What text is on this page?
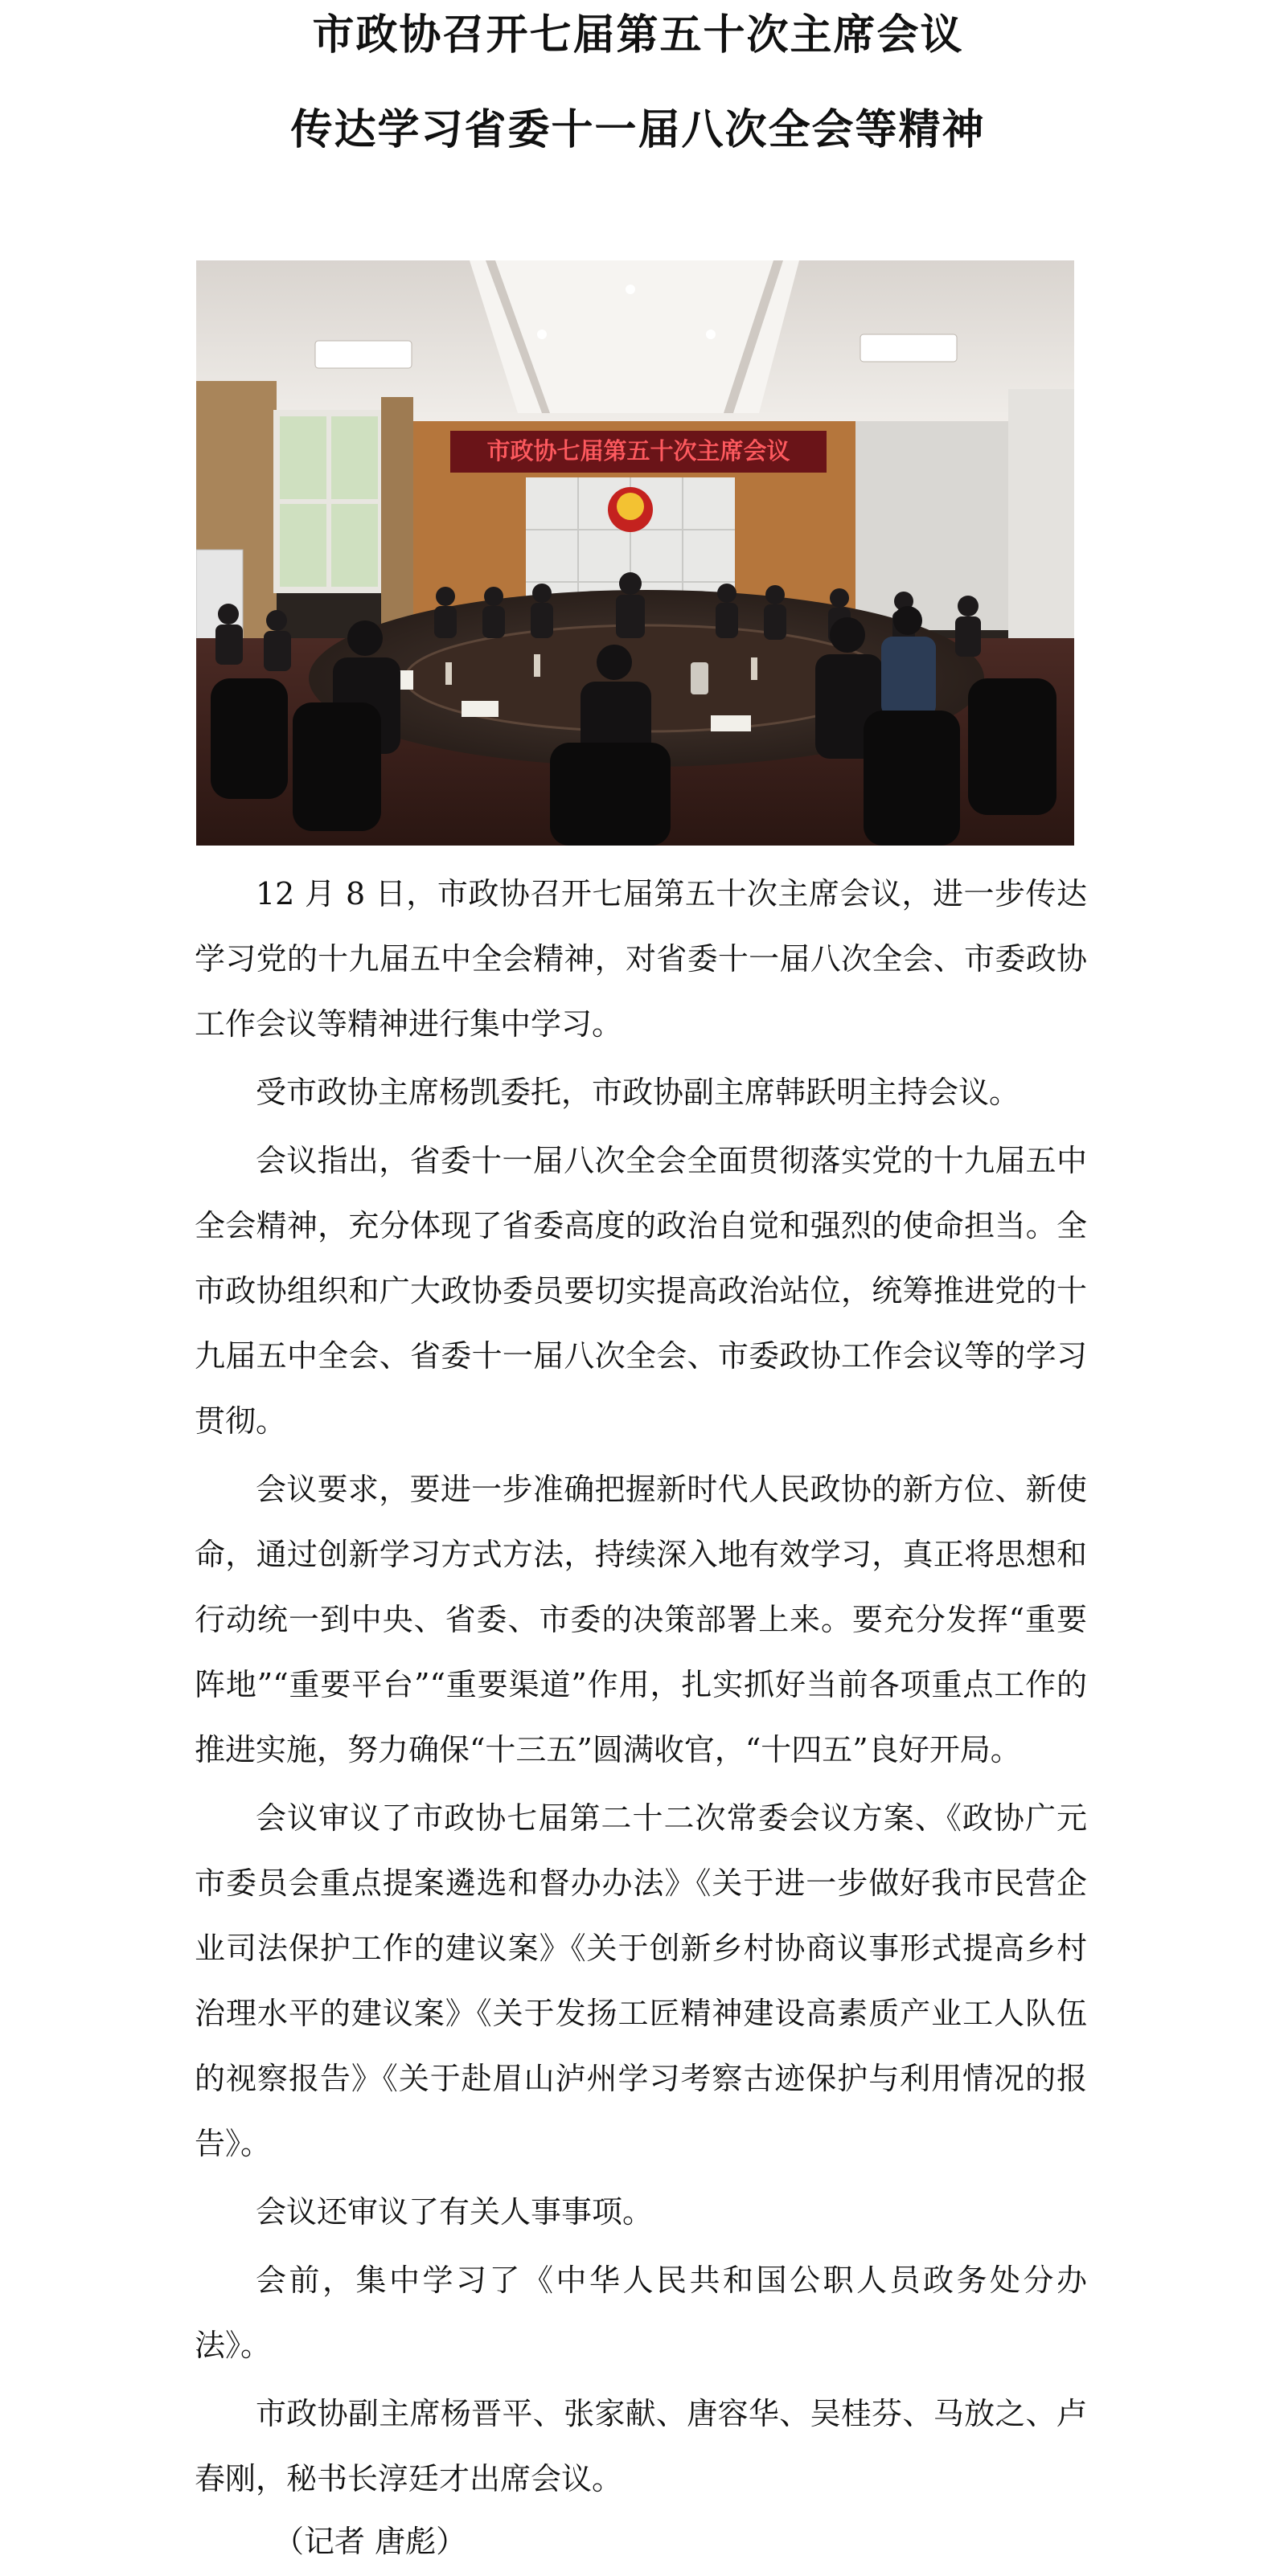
市政协召开七届第五十次主席会议
传达学习省委十一届八次全会等精神
市政协七届第五十次主席会议

12 月 8 日，市政协召开七届第五十次主席会议，进一步传达学习党的十九届五中全会精神，对省委十一届八次全会、市委政协工作会议等精神进行集中学习。

受市政协主席杨凯委托，市政协副主席韩跃明主持会议。

会议指出，省委十一届八次全会全面贯彻落实党的十九届五中全会精神，充分体现了省委高度的政治自觉和强烈的使命担当。全市政协组织和广大政协委员要切实提高政治站位，统筹推进党的十九届五中全会、省委十一届八次全会、市委政协工作会议等的学习贯彻。

会议要求，要进一步准确把握新时代人民政协的新方位、新使命，通过创新学习方式方法，持续深入地有效学习，真正将思想和行动统一到中央、省委、市委的决策部署上来。要充分发挥“重要阵地”“重要平台”“重要渠道”作用，扎实抓好当前各项重点工作的推进实施，努力确保“十三五”圆满收官，“十四五”良好开局。

会议审议了市政协七届第二十二次常委会议方案、《政协广元市委员会重点提案遴选和督办办法》《关于进一步做好我市民营企业司法保护工作的建议案》《关于创新乡村协商议事形式提高乡村治理水平的建议案》《关于发扬工匠精神建设高素质产业工人队伍的视察报告》《关于赴眉山泸州学习考察古迹保护与利用情况的报告》。

会议还审议了有关人事事项。

会前，集中学习了《中华人民共和国公职人员政务处分办法》。

市政协副主席杨晋平、张家献、唐容华、吴桂芬、马放之、卢春刚，秘书长淳廷才出席会议。

（记者 唐彪）
